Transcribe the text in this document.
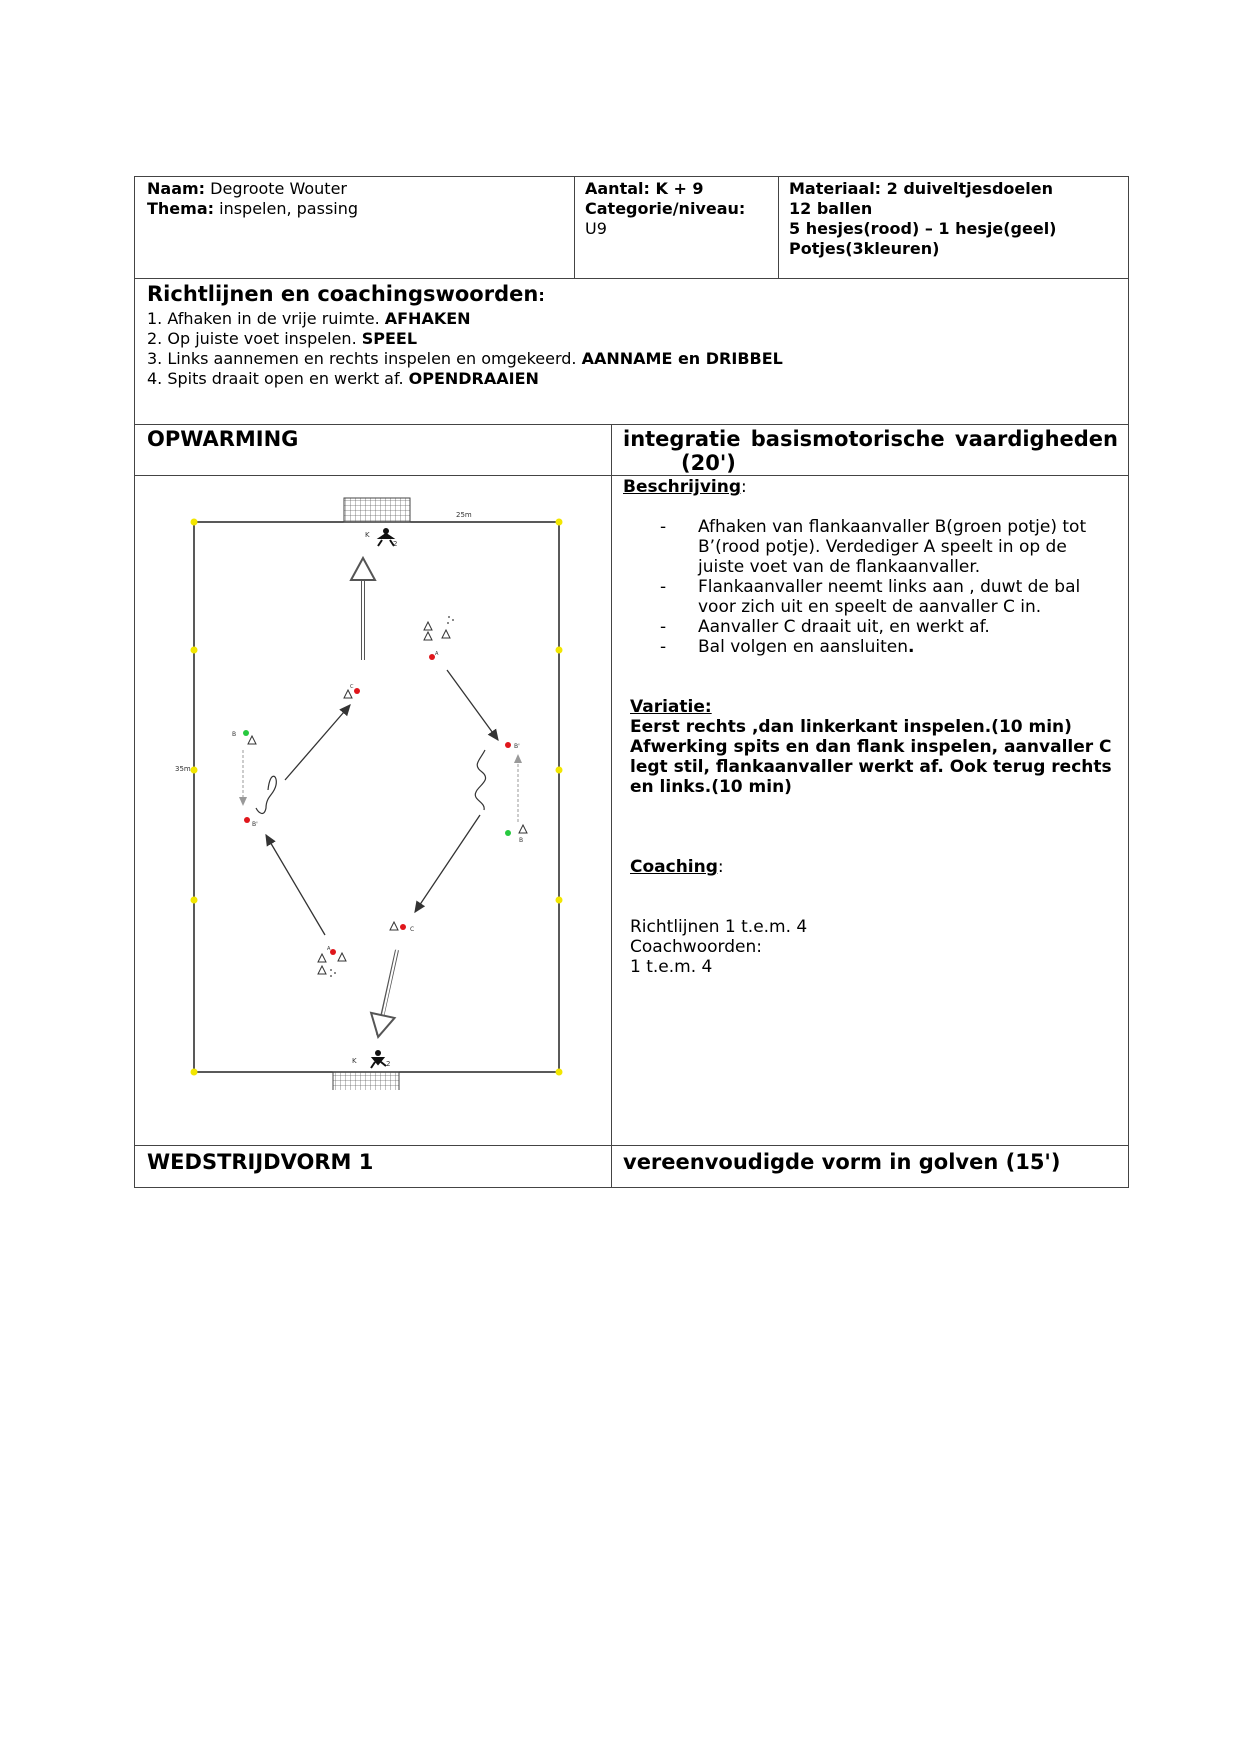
Naam: Degroote Wouter
Thema: inspelen, passing
Aantal: K + 9
Categorie/niveau:
U9
Materiaal: 2 duiveltjesdoelen
12 ballen
5 hesjes(rood) – 1 hesje(geel)
Potjes(3kleuren)
Richtlijnen en coachingswoorden:
1. Afhaken in de vrije ruimte. AFHAKEN
2. Op juiste voet inspelen. SPEEL
3. Links aannemen en rechts inspelen en omgekeerd. AANNAME en DRIBBEL
4. Spits draait open en werkt af. OPENDRAAIEN
OPWARMING	integratie basismotorische vaardigheden
(20')
25m
35m
K
2
K	2
A
C
B
B'
B'
B
C
A
Beschrijving:
- Afhaken van flankaanvaller B(groen potje) tot B’(rood potje). Verdediger A speelt in op de juiste voet van de flankaanvaller.
- Flankaanvaller neemt links aan , duwt de bal voor zich uit en speelt de aanvaller C in.
- Aanvaller C draait uit, en werkt af.
- Bal volgen en aansluiten.
Variatie:
Eerst rechts ,dan linkerkant inspelen.(10 min)
Afwerking spits en dan flank inspelen, aanvaller C
legt stil, flankaanvaller werkt af. Ook terug rechts
en links.(10 min)
Coaching:
Richtlijnen 1 t.e.m. 4
Coachwoorden:
1 t.e.m. 4
WEDSTRIJDVORM 1	vereenvoudigde vorm in golven (15')
